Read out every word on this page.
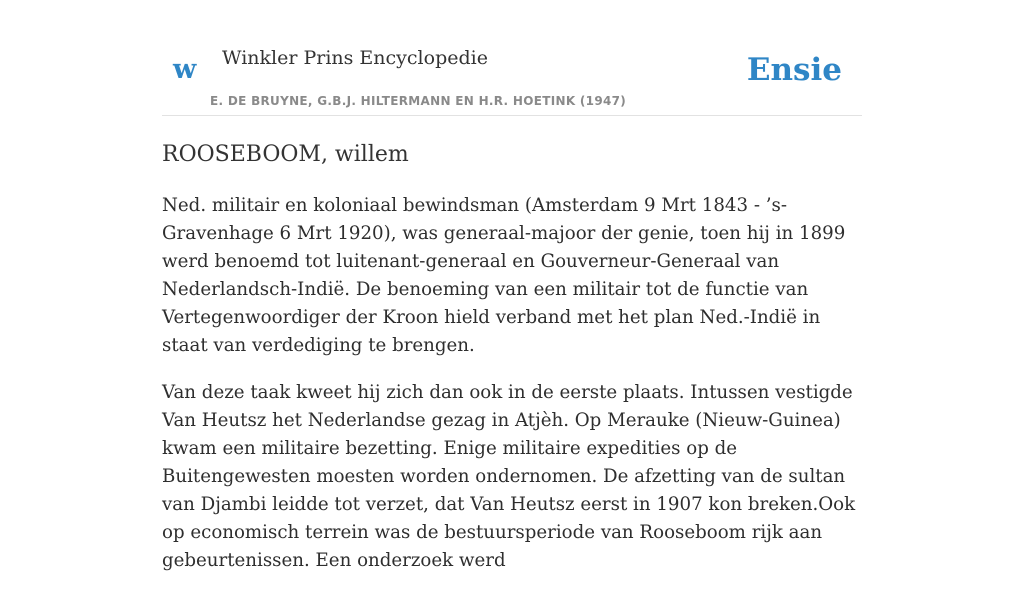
w Winkler Prins Encyclopedie
E. DE BRUYNE, G.B.J. HILTERMANN EN H.R. HOETINK (1947)
Ensie
ROOSEBOOM, willem

Ned. militair en koloniaal bewindsman (Amsterdam 9 Mrt 1843 - ’s-Gravenhage 6 Mrt 1920), was generaal-majoor der genie, toen hij in 1899 werd benoemd tot luitenant-generaal en Gouverneur-Generaal van Nederlandsch-Indië. De benoeming van een militair tot de functie van Vertegenwoordiger der Kroon hield verband met het plan Ned.-Indië in staat van verdediging te brengen.

Van deze taak kweet hij zich dan ook in de eerste plaats. Intussen vestigde Van Heutsz het Nederlandse gezag in Atjèh. Op Merauke (Nieuw-Guinea) kwam een militaire bezetting. Enige militaire expedities op de Buitengewesten moesten worden ondernomen. De afzetting van de sultan van Djambi leidde tot verzet, dat Van Heutsz eerst in 1907 kon breken.Ook op economisch terrein was de bestuursperiode van Rooseboom rijk aan gebeurtenissen. Een onderzoek werd
